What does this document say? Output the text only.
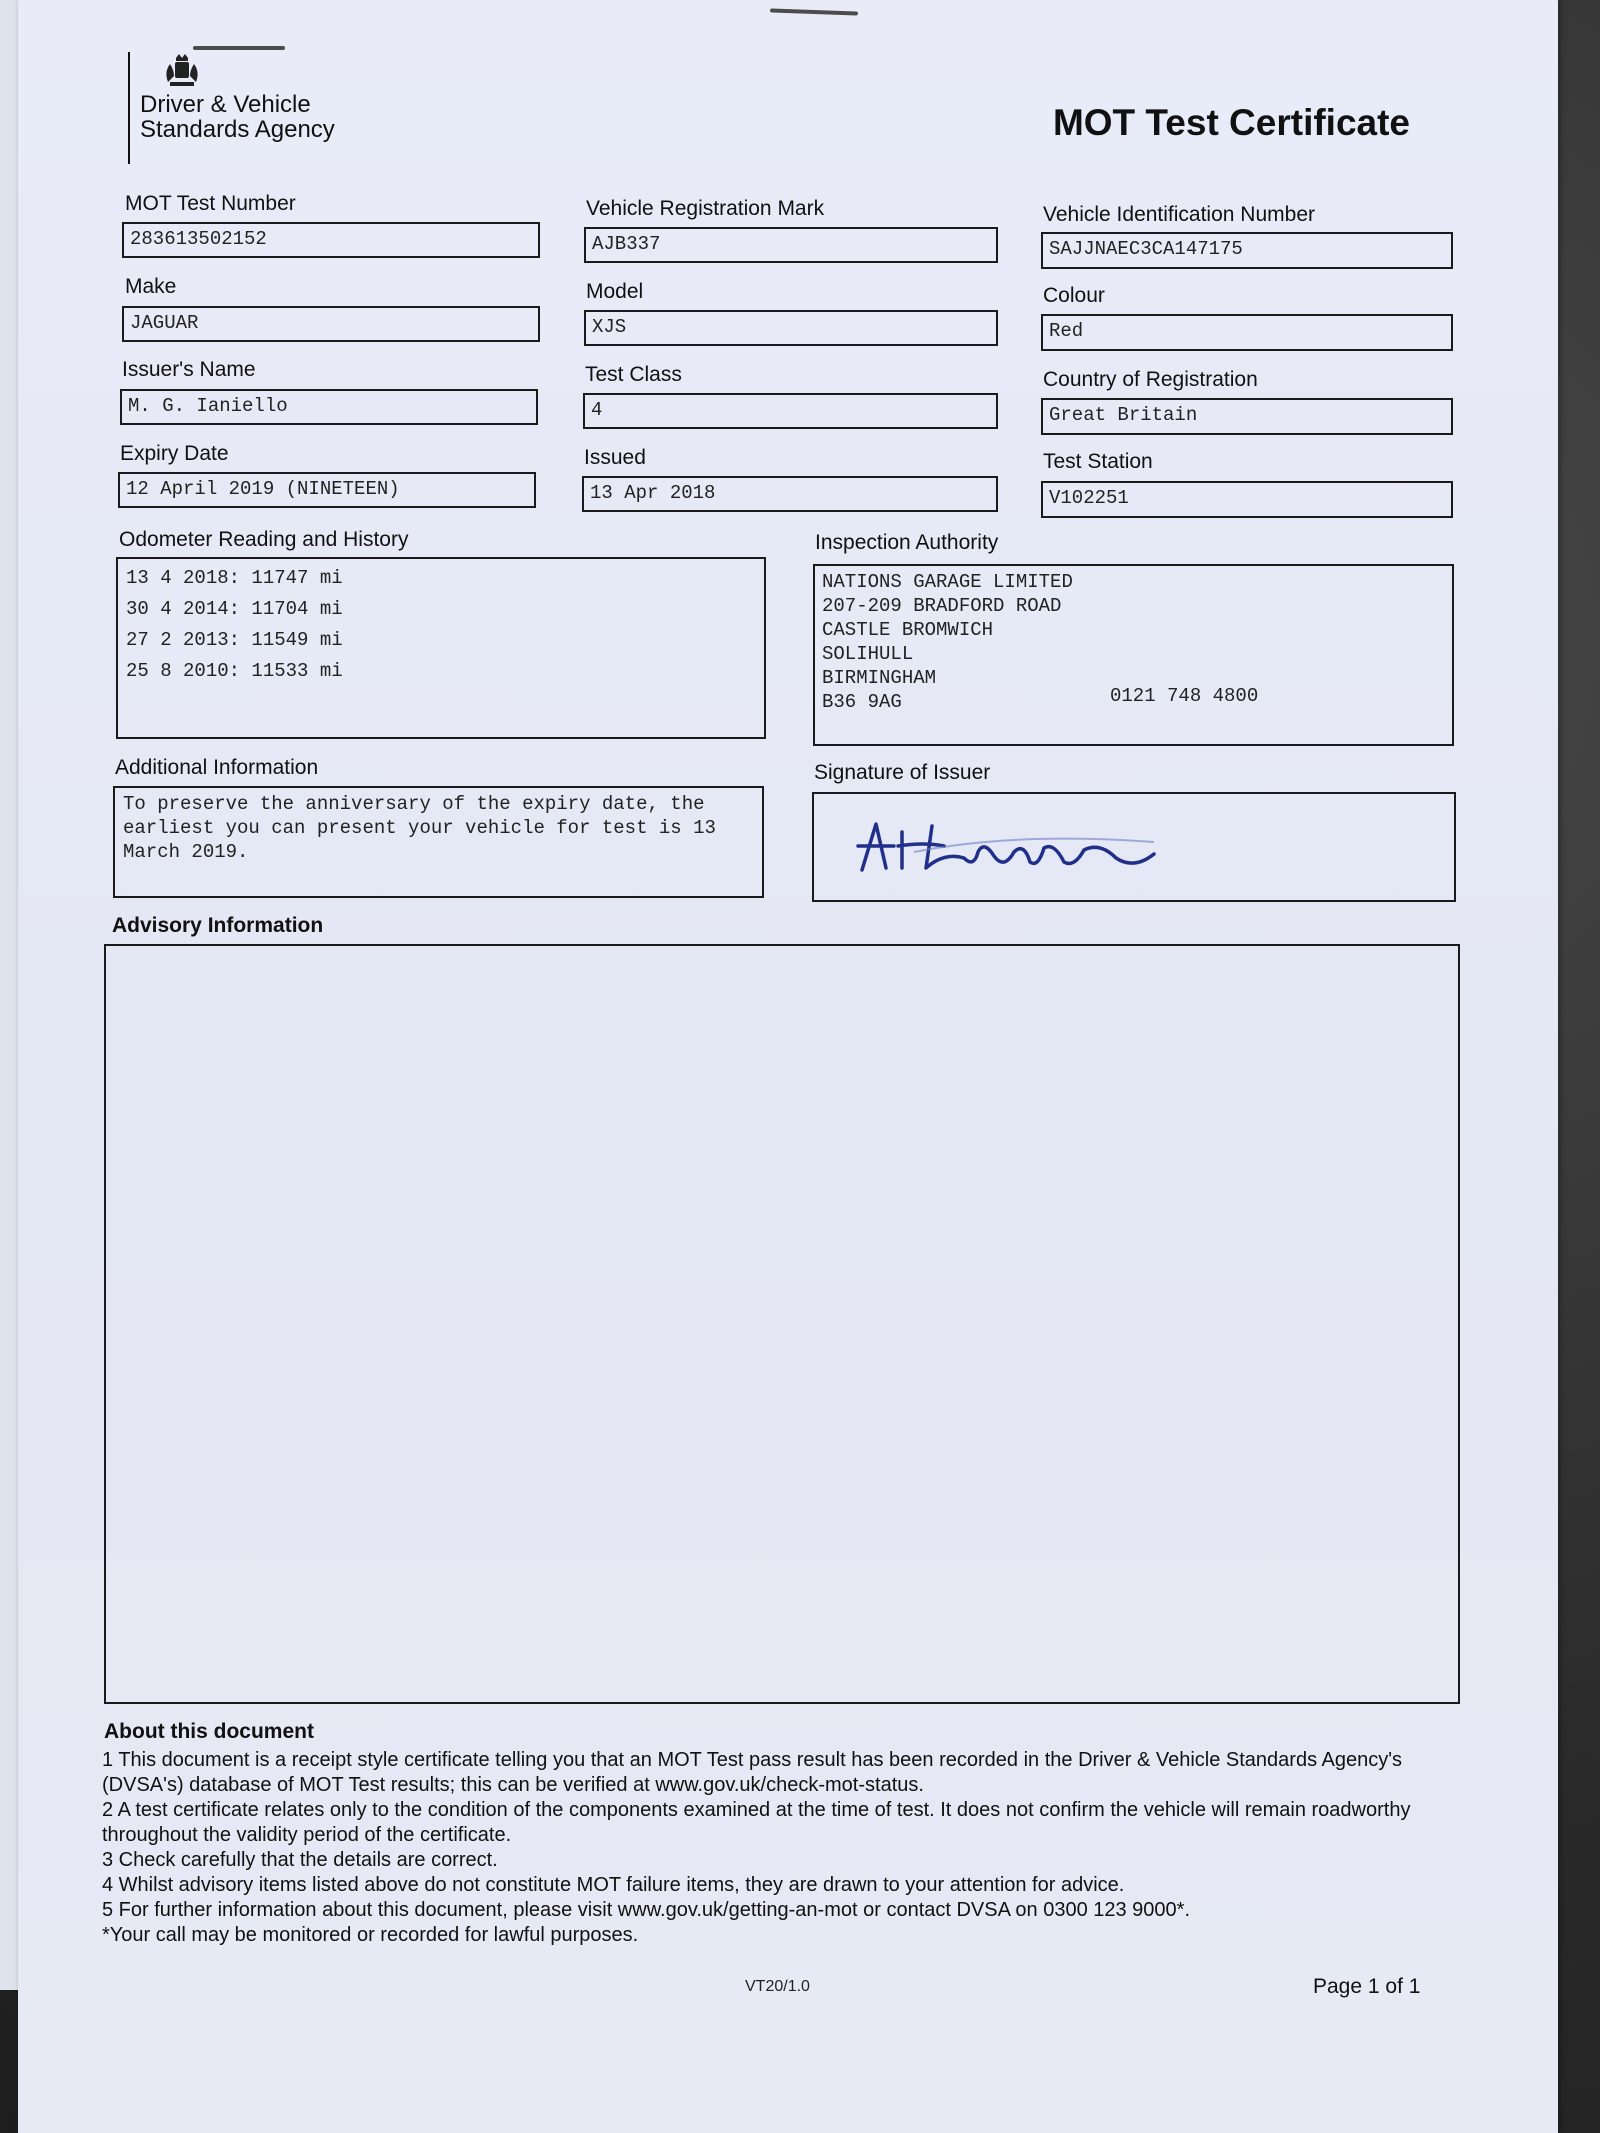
Driver & Vehicle Standards Agency	MOT Test Certificate
MOT Test Number
283613502152
Vehicle Registration Mark
AJB337
Vehicle Identification Number
SAJJNAEC3CA147175
Make
JAGUAR
Model
XJS
Colour
Red
Issuer's Name
M. G. Ianiello
Test Class
4
Country of Registration
Great Britain
Expiry Date
12 April 2019 (NINETEEN)
Issued
13 Apr 2018
Test Station
V102251
Odometer Reading and History
13 4 2018: 11747 mi
30 4 2014: 11704 mi
27 2 2013: 11549 mi
25 8 2010: 11533 mi
Inspection Authority
NATIONS GARAGE LIMITED
207-209 BRADFORD ROAD
CASTLE BROMWICH
SOLIHULL
BIRMINGHAM
B36 9AG	0121 748 4800
Additional Information
To preserve the anniversary of the expiry date, the earliest you can present your vehicle for test is 13 March 2019.
Signature of Issuer
Advisory Information
About this document

1 This document is a receipt style certificate telling you that an MOT Test pass result has been recorded in the Driver & Vehicle Standards Agency's (DVSA's) database of MOT Test results; this can be verified at www.gov.uk/check-mot-status.

2 A test certificate relates only to the condition of the components examined at the time of test. It does not confirm the vehicle will remain roadworthy throughout the validity period of the certificate.

3 Check carefully that the details are correct.

4 Whilst advisory items listed above do not constitute MOT failure items, they are drawn to your attention for advice.

5 For further information about this document, please visit www.gov.uk/getting-an-mot or contact DVSA on 0300 123 9000*.

*Your call may be monitored or recorded for lawful purposes.

VT20/1.0	Page 1 of 1
